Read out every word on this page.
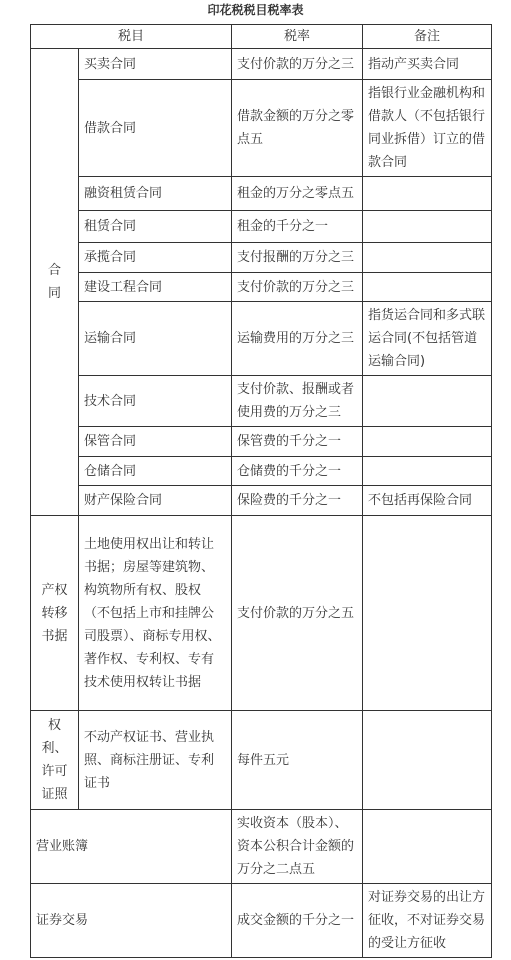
印花税税目税率表
税目		税率	备注
合
同	买卖合同	支付价款的万分之三	指动产买卖合同
	借款合同	借款金额的万分之零点五	指银行业金融机构和借款人（不包括银行同业拆借）订立的借款合同
	融资租赁合同	租金的万分之零点五	
	租赁合同	租金的千分之一	
	承揽合同	支付报酬的万分之三	
	建设工程合同	支付价款的万分之三	
	运输合同	运输费用的万分之三	指货运合同和多式联运合同(不包括管道运输合同)
	技术合同	支付价款、报酬或者使用费的万分之三	
	保管合同	保管费的千分之一	
	仓储合同	仓储费的千分之一	
	财产保险合同	保险费的千分之一	不包括再保险合同
产权
转移
书据	土地使用权出让和转让书据；房屋等建筑物、构筑物所有权、股权（不包括上市和挂牌公司股票）、商标专用权、著作权、专利权、专有技术使用权转让书据	支付价款的万分之五	
权
利、
许可
证照	不动产权证书、营业执照、商标注册证、专利证书	每件五元	
营业账簿		实收资本（股本）、资本公积合计金额的万分之二点五	
证券交易		成交金额的千分之一	对证券交易的出让方征收，不对证券交易的受让方征收
